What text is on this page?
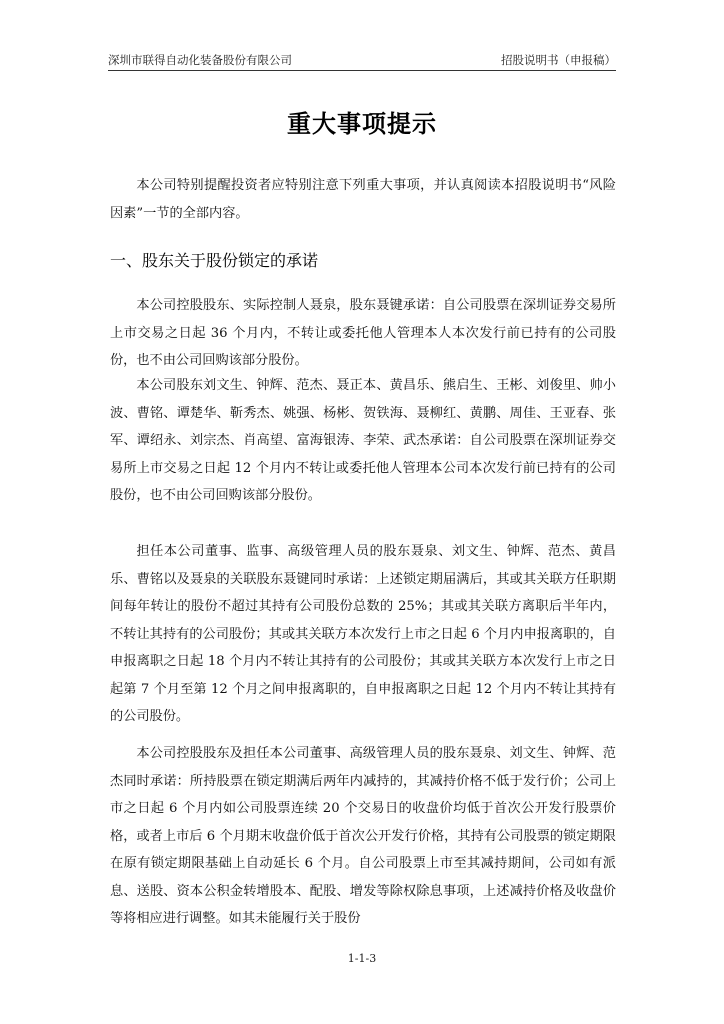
深圳市联得自动化装备股份有限公司	招股说明书（申报稿）
重大事项提示

本公司特别提醒投资者应特别注意下列重大事项，并认真阅读本招股说明书“风险因素”一节的全部内容。

一、股东关于股份锁定的承诺

本公司控股股东、实际控制人聂泉，股东聂键承诺：自公司股票在深圳证券交易所上市交易之日起 36 个月内，不转让或委托他人管理本人本次发行前已持有的公司股份，也不由公司回购该部分股份。

本公司股东刘文生、钟辉、范杰、聂正本、黄昌乐、熊启生、王彬、刘俊里、帅小波、曹铭、谭楚华、靳秀杰、姚强、杨彬、贺铁海、聂柳红、黄鹏、周佳、王亚春、张军、谭绍永、刘宗杰、肖高望、富海银涛、李荣、武杰承诺：自公司股票在深圳证券交易所上市交易之日起 12 个月内不转让或委托他人管理本公司本次发行前已持有的公司股份，也不由公司回购该部分股份。

担任本公司董事、监事、高级管理人员的股东聂泉、刘文生、钟辉、范杰、黄昌乐、曹铭以及聂泉的关联股东聂键同时承诺：上述锁定期届满后，其或其关联方任职期间每年转让的股份不超过其持有公司股份总数的 25%；其或其关联方离职后半年内，不转让其持有的公司股份；其或其关联方本次发行上市之日起 6 个月内申报离职的，自申报离职之日起 18 个月内不转让其持有的公司股份；其或其关联方本次发行上市之日起第 7 个月至第 12 个月之间申报离职的，自申报离职之日起 12 个月内不转让其持有的公司股份。

本公司控股股东及担任本公司董事、高级管理人员的股东聂泉、刘文生、钟辉、范杰同时承诺：所持股票在锁定期满后两年内减持的，其减持价格不低于发行价；公司上市之日起 6 个月内如公司股票连续 20 个交易日的收盘价均低于首次公开发行股票价格，或者上市后 6 个月期末收盘价低于首次公开发行价格，其持有公司股票的锁定期限在原有锁定期限基础上自动延长 6 个月。自公司股票上市至其减持期间，公司如有派息、送股、资本公积金转增股本、配股、增发等除权除息事项，上述减持价格及收盘价等将相应进行调整。如其未能履行关于股份

1-1-3
